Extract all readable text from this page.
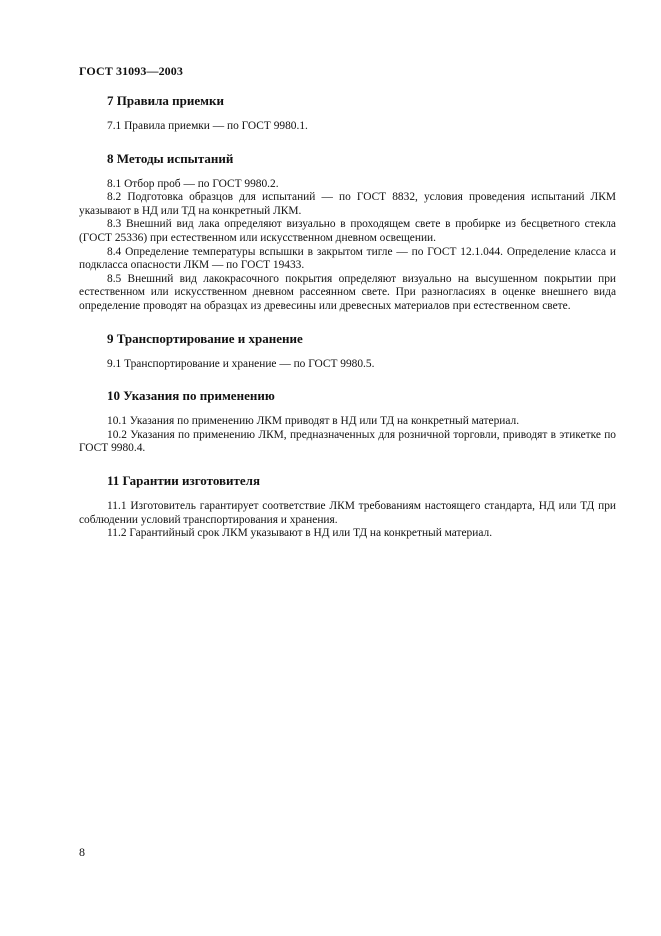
ГОСТ 31093—2003
7 Правила приемки

7.1 Правила приемки — по ГОСТ 9980.1.

8 Методы испытаний

8.1 Отбор проб — по ГОСТ 9980.2.

8.2 Подготовка образцов для испытаний — по ГОСТ 8832, условия проведения испытаний ЛКМ указывают в НД или ТД на конкретный ЛКМ.

8.3 Внешний вид лака определяют визуально в проходящем свете в пробирке из бесцветного стекла (ГОСТ 25336) при естественном или искусственном дневном освещении.

8.4 Определение температуры вспышки в закрытом тигле — по ГОСТ 12.1.044. Определение класса и подкласса опасности ЛКМ — по ГОСТ 19433.

8.5 Внешний вид лакокрасочного покрытия определяют визуально на высушенном покрытии при естественном или искусственном дневном рассеянном свете. При разногласиях в оценке внешнего вида определение проводят на образцах из древесины или древесных материалов при естественном свете.

9 Транспортирование и хранение

9.1 Транспортирование и хранение — по ГОСТ 9980.5.

10 Указания по применению

10.1 Указания по применению ЛКМ приводят в НД или ТД на конкретный материал.

10.2 Указания по применению ЛКМ, предназначенных для розничной торговли, приводят в этикетке по ГОСТ 9980.4.

11 Гарантии изготовителя

11.1 Изготовитель гарантирует соответствие ЛКМ требованиям настоящего стандарта, НД или ТД при соблюдении условий транспортирования и хранения.

11.2 Гарантийный срок ЛКМ указывают в НД или ТД на конкретный материал.

8
